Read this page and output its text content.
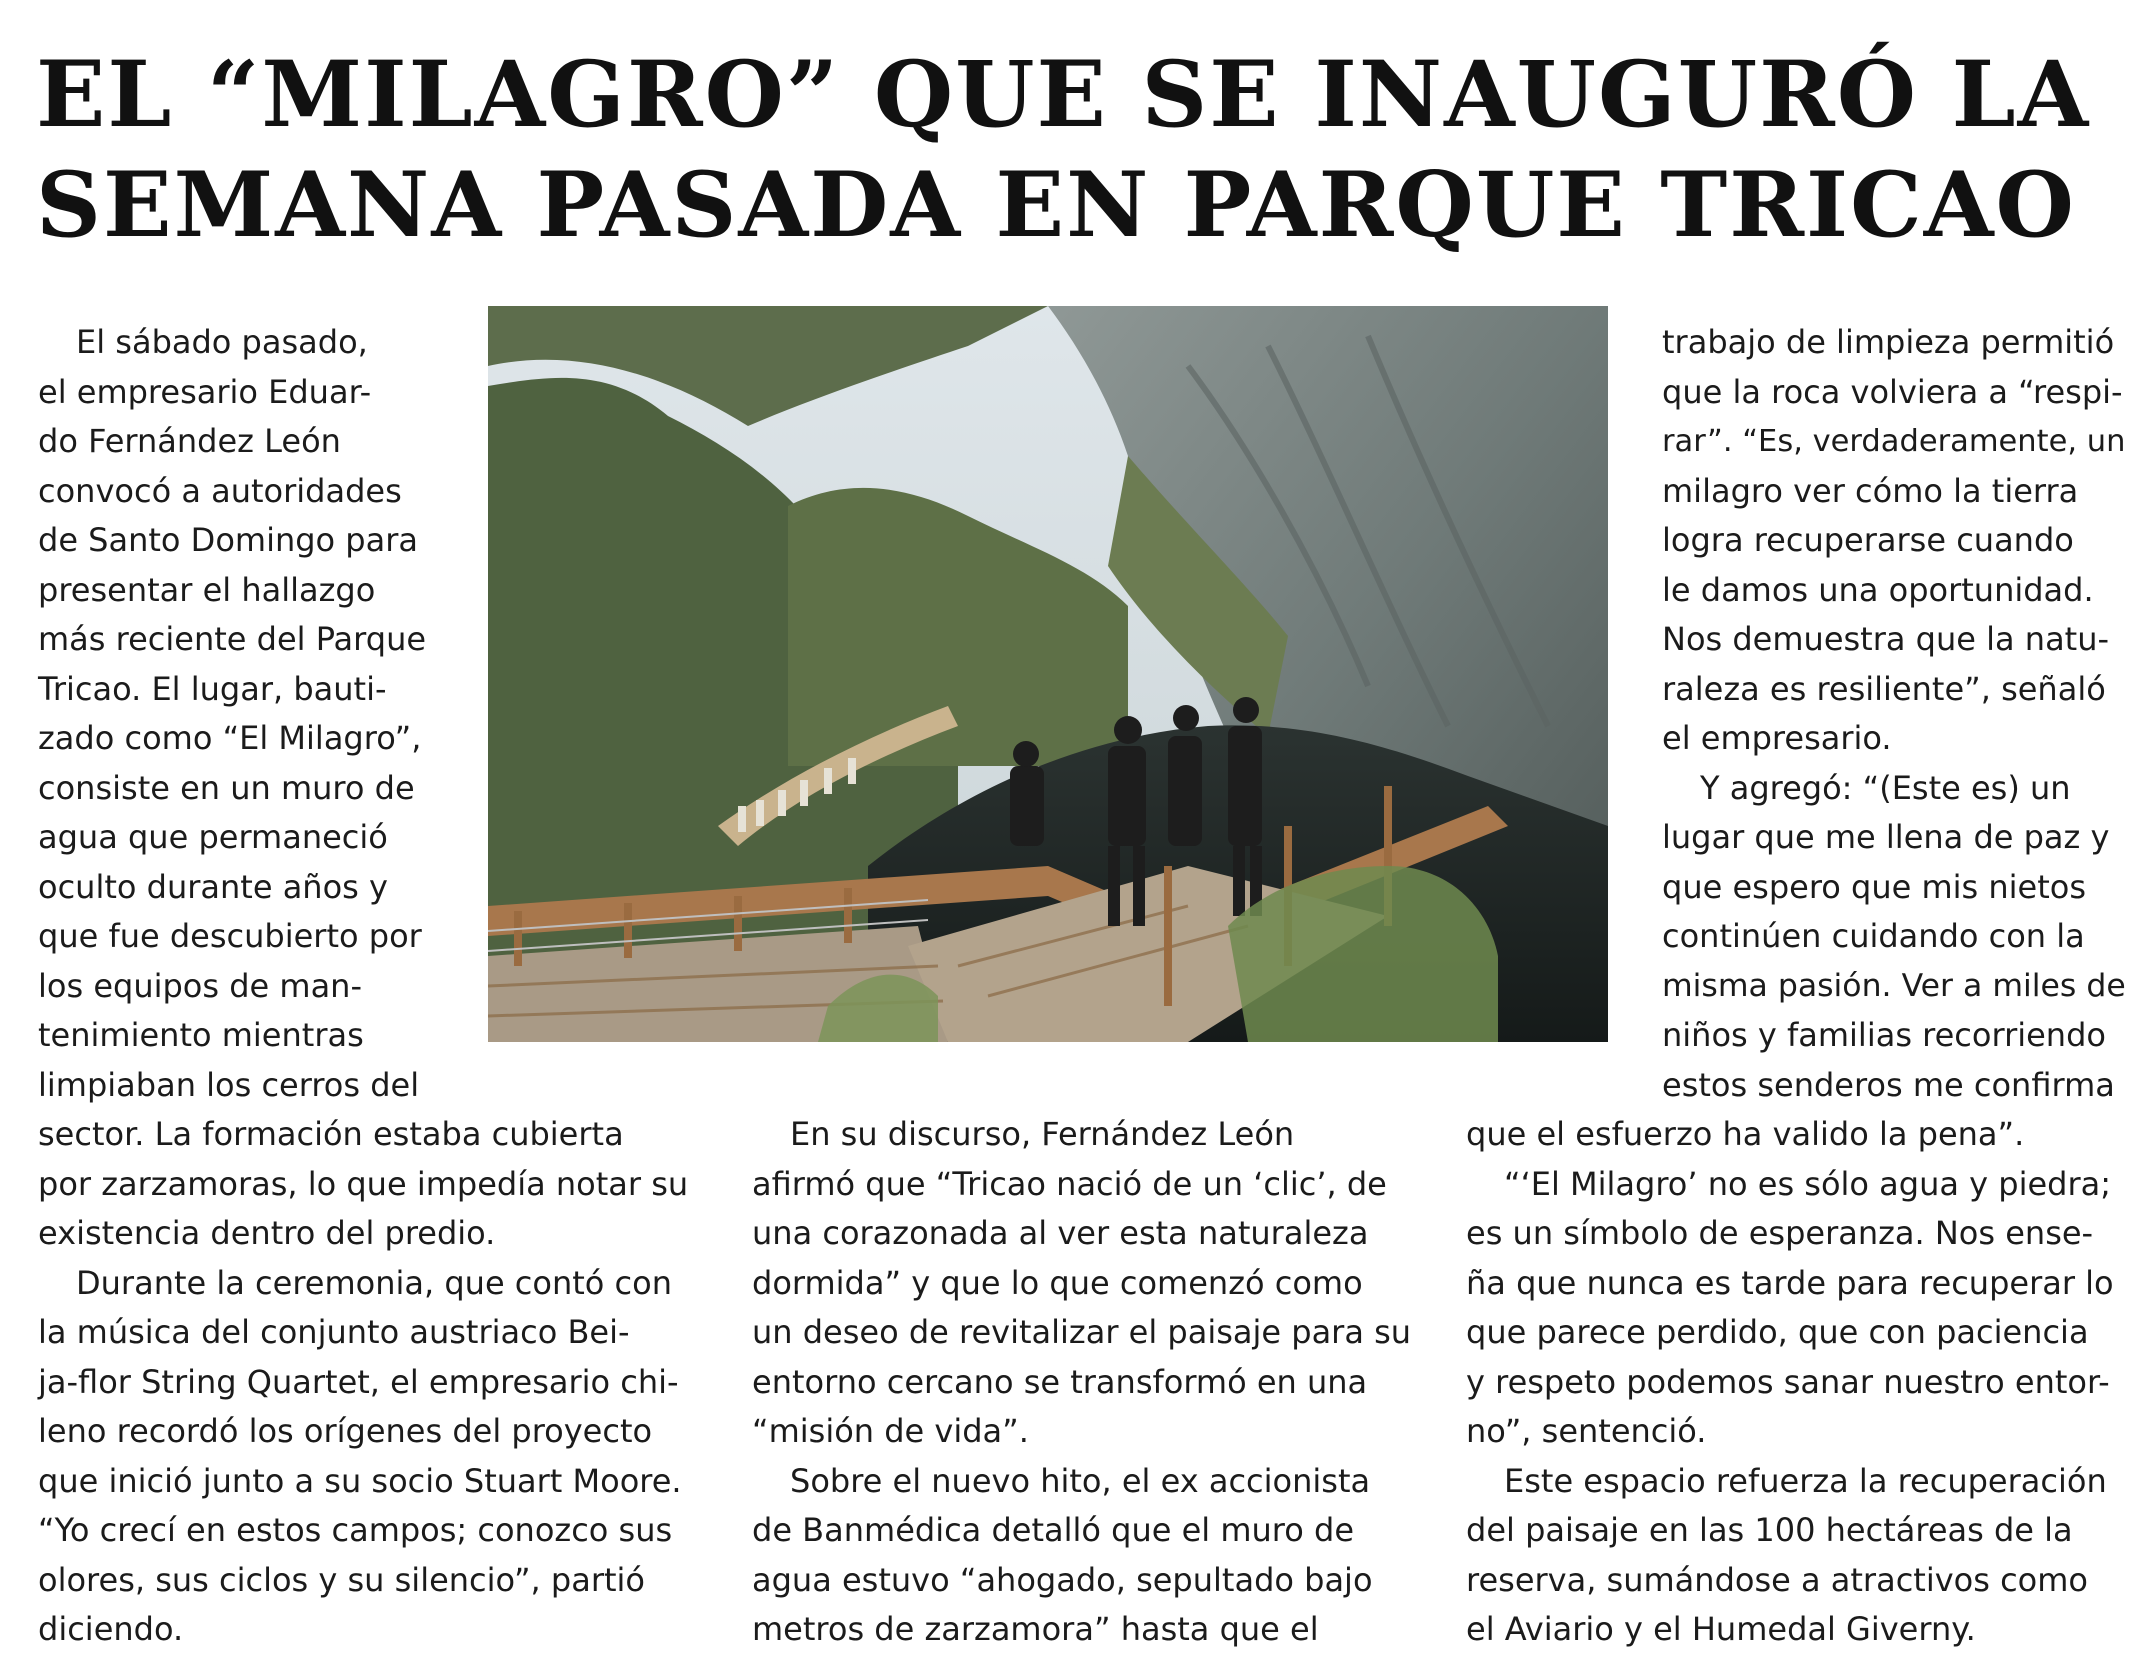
EL “MILAGRO” QUE SE INAUGURÓ LA
SEMANA PASADA EN PARQUE TRICAO

El sábado pasado,
el empresario Eduar-
do Fernández León
convocó a autoridades
de Santo Domingo para
presentar el hallazgo
más reciente del Parque
Tricao. El lugar, bauti-
zado como “El Milagro”,
consiste en un muro de
agua que permaneció
oculto durante años y
que fue descubierto por
los equipos de man-
tenimiento mientras
limpiaban los cerros del

sector. La formación estaba cubierta
por zarzamoras, lo que impedía notar su
existencia dentro del predio.

Durante la ceremonia, que contó con
la música del conjunto austriaco Bei-
ja-flor String Quartet, el empresario chi-
leno recordó los orígenes del proyecto
que inició junto a su socio Stuart Moore.
“Yo crecí en estos campos; conozco sus
olores, sus ciclos y su silencio”, partió
diciendo.

En su discurso, Fernández León
afirmó que “Tricao nació de un ‘clic’, de
una corazonada al ver esta naturaleza
dormida” y que lo que comenzó como
un deseo de revitalizar el paisaje para su
entorno cercano se transformó en una
“misión de vida”.

Sobre el nuevo hito, el ex accionista
de Banmédica detalló que el muro de
agua estuvo “ahogado, sepultado bajo
metros de zarzamora” hasta que el

trabajo de limpieza permitió
que la roca volviera a “respi-
rar”. “Es, verdaderamente, un
milagro ver cómo la tierra
logra recuperarse cuando
le damos una oportunidad.
Nos demuestra que la natu-
raleza es resiliente”, señaló
el empresario.

Y agregó: “(Este es) un
lugar que me llena de paz y
que espero que mis nietos
continúen cuidando con la
misma pasión. Ver a miles de
niños y familias recorriendo
estos senderos me confirma

que el esfuerzo ha valido la pena”.

“‘El Milagro’ no es sólo agua y piedra;
es un símbolo de esperanza. Nos ense-
ña que nunca es tarde para recuperar lo
que parece perdido, que con paciencia
y respeto podemos sanar nuestro entor-
no”, sentenció.

Este espacio refuerza la recuperación
del paisaje en las 100 hectáreas de la
reserva, sumándose a atractivos como
el Aviario y el Humedal Giverny.
